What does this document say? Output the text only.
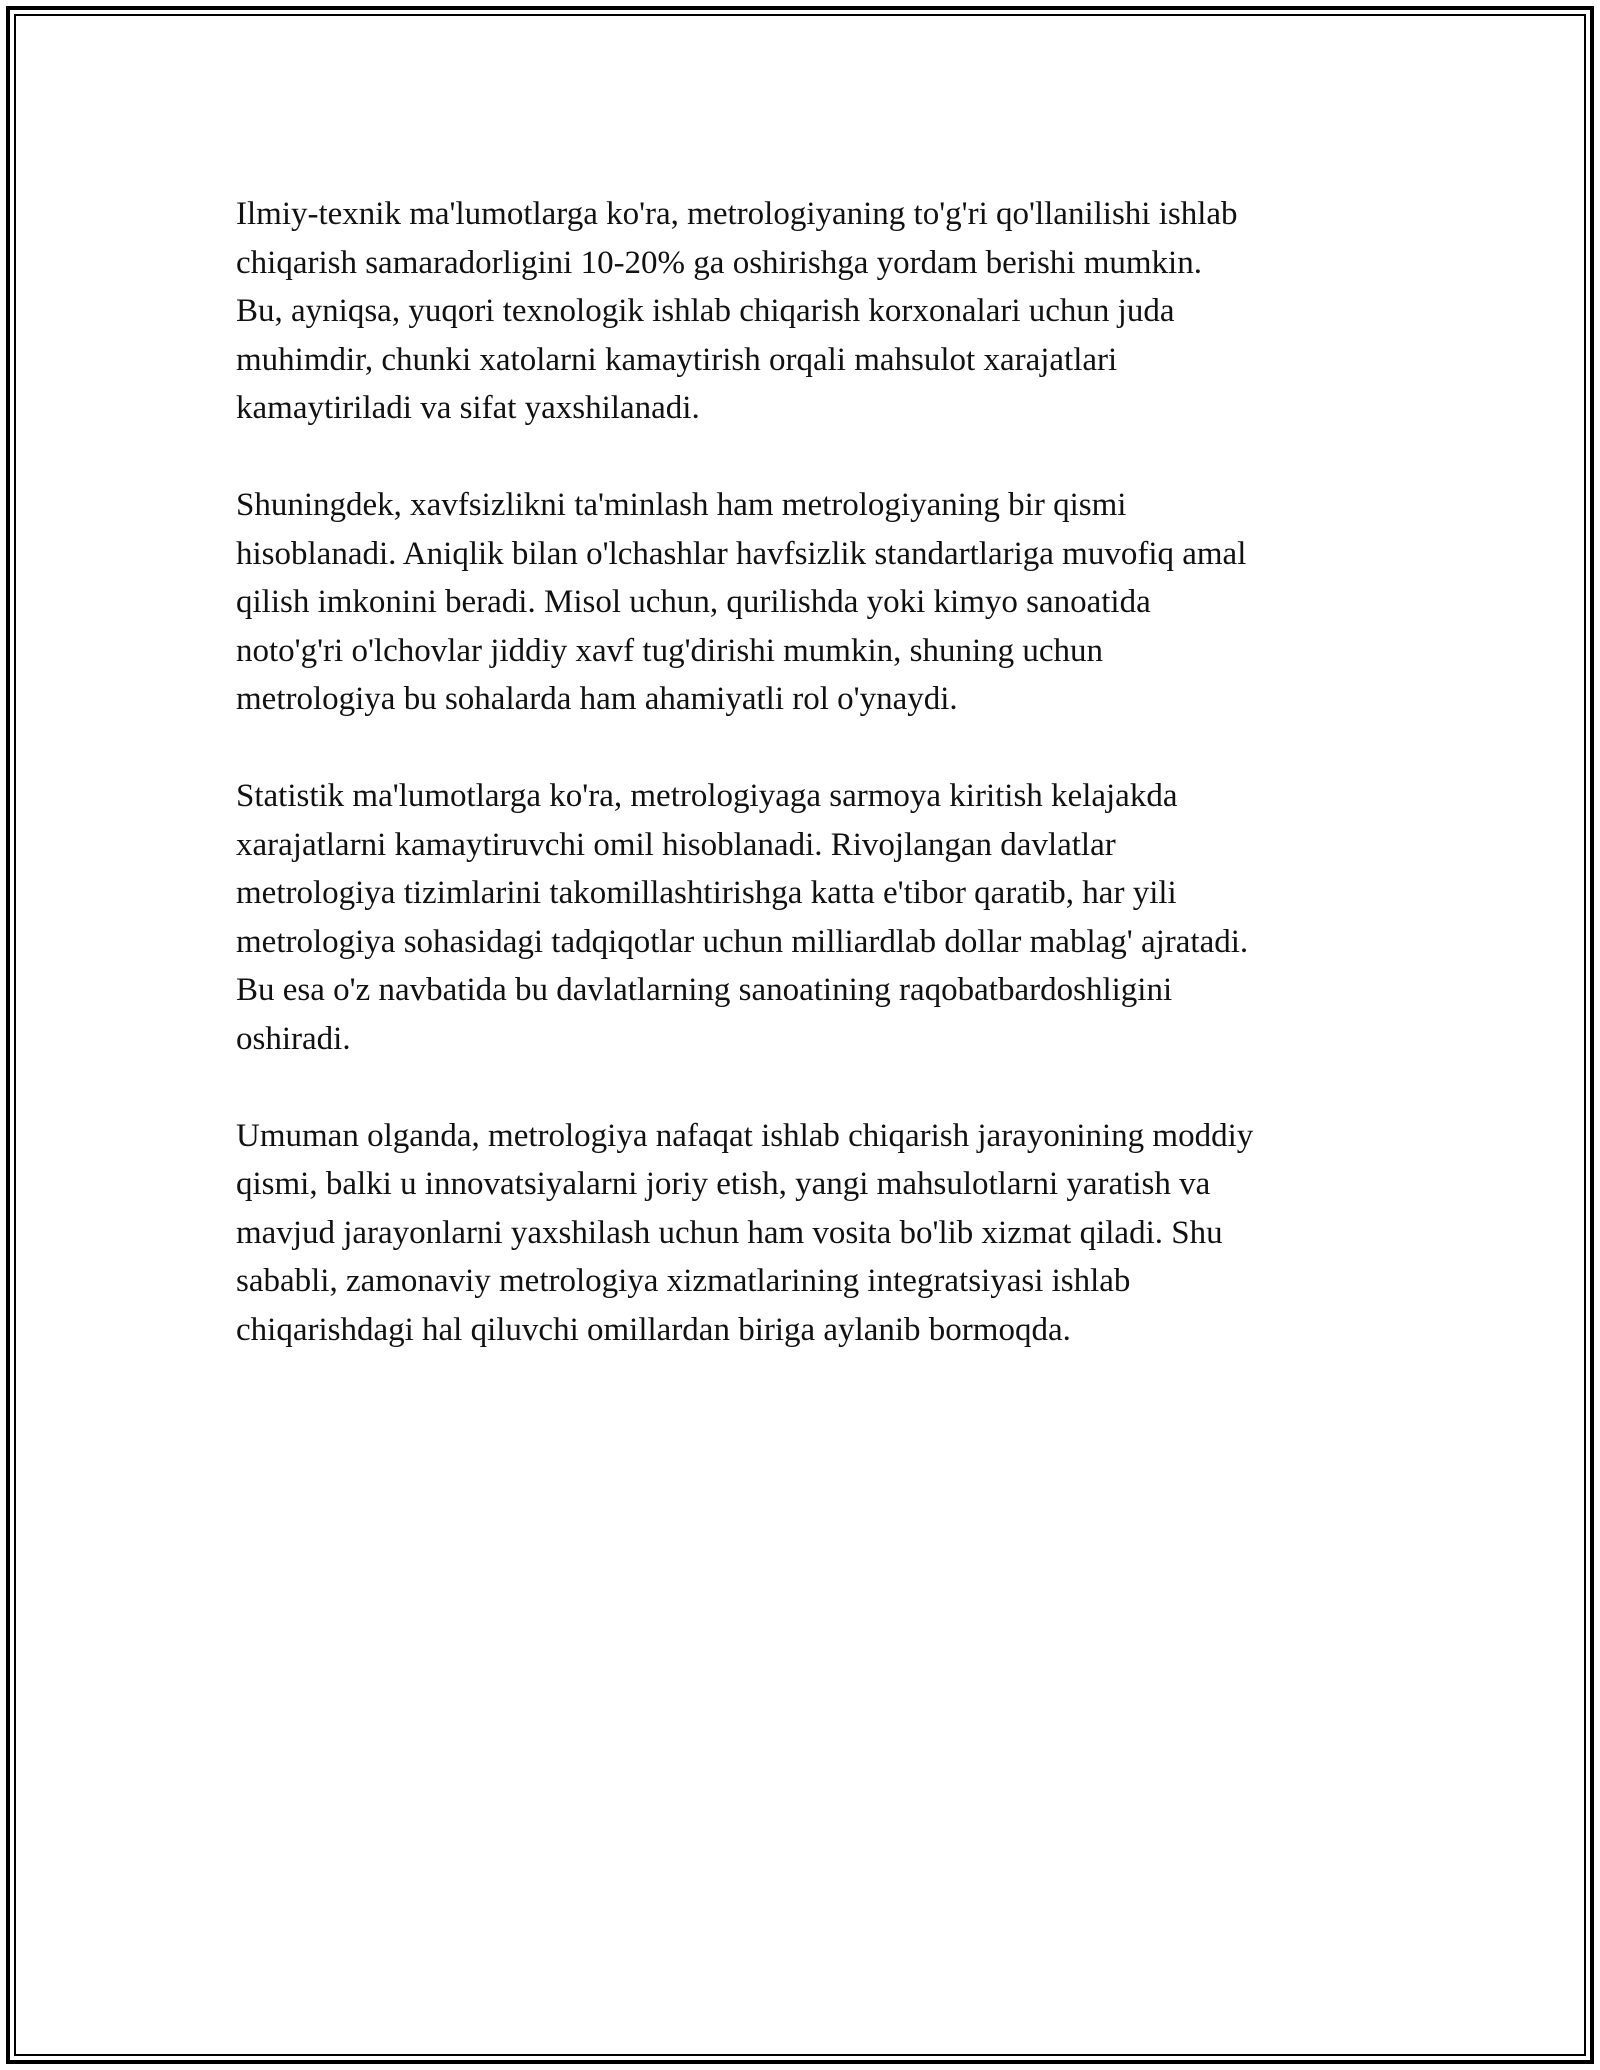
Ilmiy-texnik ma'lumotlarga ko'ra, metrologiyaning to'g'ri qo'llanilishi ishlab
chiqarish samaradorligini 10-20% ga oshirishga yordam berishi mumkin.
Bu, ayniqsa, yuqori texnologik ishlab chiqarish korxonalari uchun juda
muhimdir, chunki xatolarni kamaytirish orqali mahsulot xarajatlari
kamaytiriladi va sifat yaxshilanadi.

Shuningdek, xavfsizlikni ta'minlash ham metrologiyaning bir qismi
hisoblanadi. Aniqlik bilan o'lchashlar havfsizlik standartlariga muvofiq amal
qilish imkonini beradi. Misol uchun, qurilishda yoki kimyo sanoatida
noto'g'ri o'lchovlar jiddiy xavf tug'dirishi mumkin, shuning uchun
metrologiya bu sohalarda ham ahamiyatli rol o'ynaydi.

Statistik ma'lumotlarga ko'ra, metrologiyaga sarmoya kiritish kelajakda
xarajatlarni kamaytiruvchi omil hisoblanadi. Rivojlangan davlatlar
metrologiya tizimlarini takomillashtirishga katta e'tibor qaratib, har yili
metrologiya sohasidagi tadqiqotlar uchun milliardlab dollar mablag' ajratadi.
Bu esa o'z navbatida bu davlatlarning sanoatining raqobatbardoshligini
oshiradi.

Umuman olganda, metrologiya nafaqat ishlab chiqarish jarayonining moddiy
qismi, balki u innovatsiyalarni joriy etish, yangi mahsulotlarni yaratish va
mavjud jarayonlarni yaxshilash uchun ham vosita bo'lib xizmat qiladi. Shu
sababli, zamonaviy metrologiya xizmatlarining integratsiyasi ishlab
chiqarishdagi hal qiluvchi omillardan biriga aylanib bormoqda.
